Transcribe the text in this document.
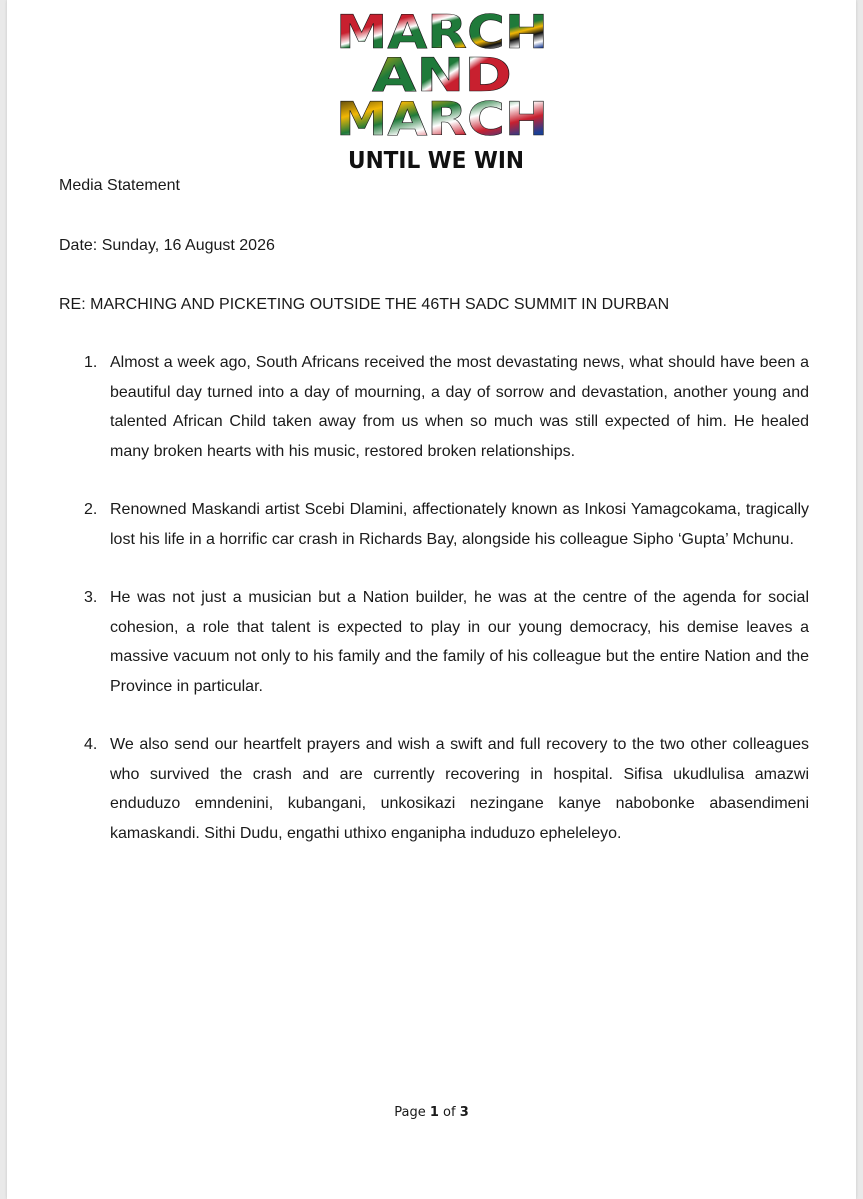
MARCH
AND
MARCH
UNTIL WE WIN
Media Statement
Date: Sunday, 16 August 2026
RE: MARCHING AND PICKETING OUTSIDE THE 46TH SADC SUMMIT IN DURBAN
1. Almost a week ago, South Africans received the most devastating news, what should have been a beautiful day turned into a day of mourning, a day of sorrow and devastation, another young and talented African Child taken away from us when so much was still expected of him. He healed many broken hearts with his music, restored broken relationships.
2. Renowned Maskandi artist Scebi Dlamini, affectionately known as Inkosi Yamagcokama, tragically lost his life in a horrific car crash in Richards Bay, alongside his colleague Sipho ‘Gupta’ Mchunu.
3. He was not just a musician but a Nation builder, he was at the centre of the agenda for social cohesion, a role that talent is expected to play in our young democracy, his demise leaves a massive vacuum not only to his family and the family of his colleague but the entire Nation and the Province in particular.
4. We also send our heartfelt prayers and wish a swift and full recovery to the two other colleagues who survived the crash and are currently recovering in hospital. Sifisa ukudlulisa amazwi enduduzo emndenini, kubangani, unkosikazi nezingane kanye nabobonke abasendimeni kamaskandi. Sithi Dudu, engathi uthixo enganipha induduzo epheleleyo.
Page 1 of 3
